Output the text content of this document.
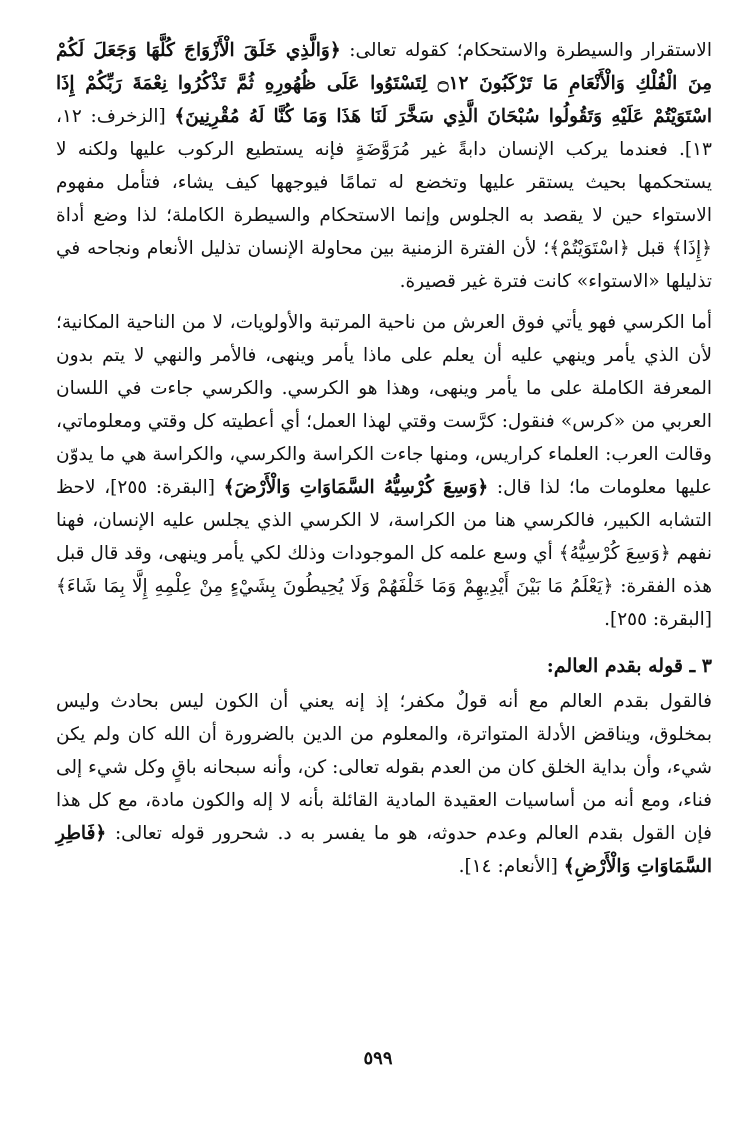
الاستقرار والسيطرة والاستحكام؛ كقوله تعالى: ﴿وَالَّذِي خَلَقَ الْأَزْوَاجَ كُلَّهَا وَجَعَلَ لَكُمْ مِنَ الْفُلْكِ وَالْأَنْعَامِ مَا تَرْكَبُونَ ۝١٢ لِتَسْتَوُوا عَلَى ظُهُورِهِ ثُمَّ تَذْكُرُوا نِعْمَةَ رَبِّكُمْ إِذَا اسْتَوَيْتُمْ عَلَيْهِ وَتَقُولُوا سُبْحَانَ الَّذِي سَخَّرَ لَنَا هَذَا وَمَا كُنَّا لَهُ مُقْرِنِينَ﴾ [الزخرف: ١٢، ١٣]. فعندما يركب الإنسان دابةً غير مُرَوَّضَةٍ فإنه يستطيع الركوب عليها ولكنه لا يستحكمها بحيث يستقر عليها وتخضع له تمامًا فيوجهها كيف يشاء، فتأمل مفهوم الاستواء حين لا يقصد به الجلوس وإنما الاستحكام والسيطرة الكاملة؛ لذا وضع أداة ﴿إِذَا﴾ قبل ﴿اسْتَوَيْتُمْ﴾؛ لأن الفترة الزمنية بين محاولة الإنسان تذليل الأنعام ونجاحه في تذليلها «الاستواء» كانت فترة غير قصيرة.

أما الكرسي فهو يأتي فوق العرش من ناحية المرتبة والأولويات، لا من الناحية المكانية؛ لأن الذي يأمر وينهي عليه أن يعلم على ماذا يأمر وينهى، فالأمر والنهي لا يتم بدون المعرفة الكاملة على ما يأمر وينهى، وهذا هو الكرسي. والكرسي جاءت في اللسان العربي من «كرس» فنقول: كرَّست وقتي لهذا العمل؛ أي أعطيته كل وقتي ومعلوماتي، وقالت العرب: العلماء كراريس، ومنها جاءت الكراسة والكرسي، والكراسة هي ما يدوّن عليها معلومات ما؛ لذا قال: ﴿وَسِعَ كُرْسِيُّهُ السَّمَاوَاتِ وَالْأَرْضَ﴾ [البقرة: ٢٥٥]، لاحظ التشابه الكبير، فالكرسي هنا من الكراسة، لا الكرسي الذي يجلس عليه الإنسان، فهنا نفهم ﴿وَسِعَ كُرْسِيُّهُ﴾ أي وسع علمه كل الموجودات وذلك لكي يأمر وينهى، وقد قال قبل هذه الفقرة: ﴿يَعْلَمُ مَا بَيْنَ أَيْدِيهِمْ وَمَا خَلْفَهُمْ وَلَا يُحِيطُونَ بِشَيْءٍ مِنْ عِلْمِهِ إِلَّا بِمَا شَاءَ﴾ [البقرة: ٢٥٥].

٣ ـ قوله بقدم العالم:

فالقول بقدم العالم مع أنه قولٌ مكفر؛ إذ إنه يعني أن الكون ليس بحادث وليس بمخلوق، ويناقض الأدلة المتواترة، والمعلوم من الدين بالضرورة أن الله كان ولم يكن شيء، وأن بداية الخلق كان من العدم بقوله تعالى: كن، وأنه سبحانه باقٍ وكل شيء إلى فناء، ومع أنه من أساسيات العقيدة المادية القائلة بأنه لا إله والكون مادة، مع كل هذا فإن القول بقدم العالم وعدم حدوثه، هو ما يفسر به د. شحرور قوله تعالى: ﴿فَاطِرِ السَّمَاوَاتِ وَالْأَرْضِ﴾ [الأنعام: ١٤].

٥٩٩
